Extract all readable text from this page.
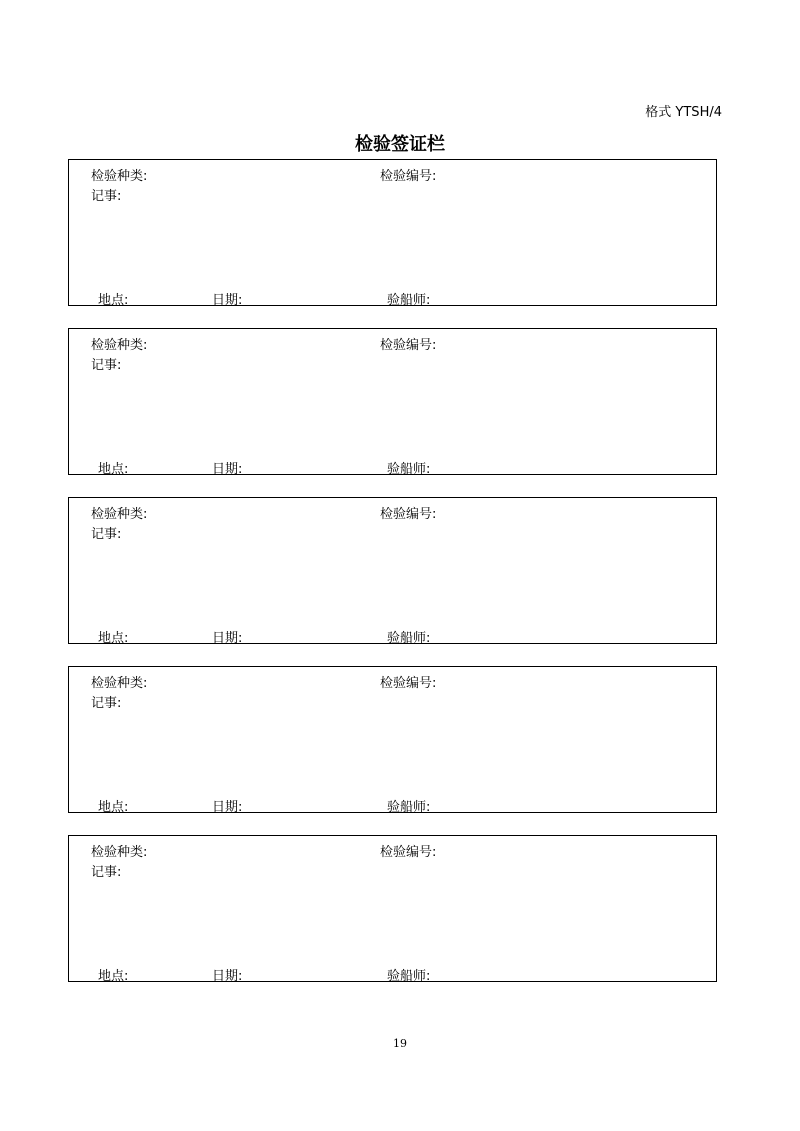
格式 YTSH/4
检验签证栏
检验种类:	检验编号:
记事:
地点:	日期:	验船师:
检验种类:	检验编号:
记事:
地点:	日期:	验船师:
检验种类:	检验编号:
记事:
地点:	日期:	验船师:
检验种类:	检验编号:
记事:
地点:	日期:	验船师:
检验种类:	检验编号:
记事:
地点:	日期:	验船师:
19
